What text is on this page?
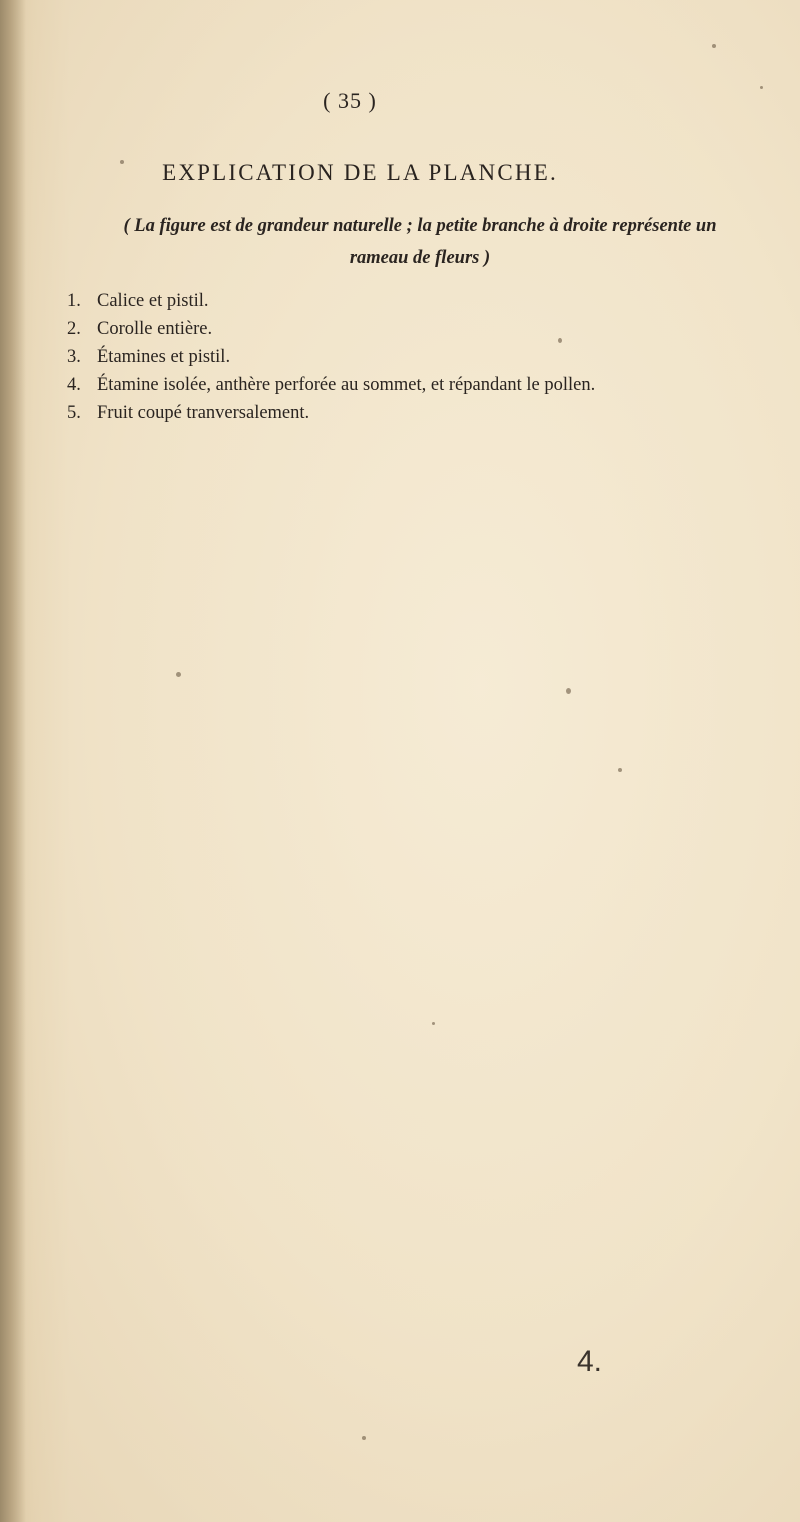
( 35 )
EXPLICATION DE LA PLANCHE.
( La figure est de grandeur naturelle ; la petite branche à droite représente un rameau de fleurs )
1. Calice et pistil.
2. Corolle entière.
3. Étamines et pistil.
4. Étamine isolée, anthère perforée au sommet, et répandant le pollen.
5. Fruit coupé tranversalement.
4.
